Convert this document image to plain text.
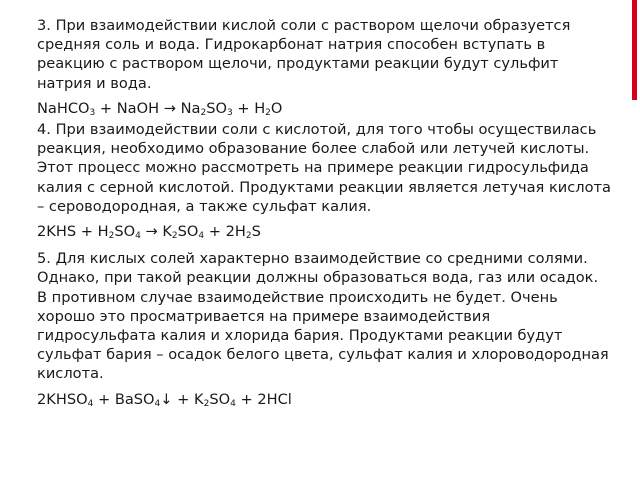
3. При взаимодействии кислой соли с раствором щелочи образуется средняя соль и вода. Гидрокарбонат натрия способен вступать в реакцию с раствором щелочи, продуктами реакции будут сульфит натрия и вода.

NaHCO$_3$ + NaOH → $Na_2SO_3 + H_2O$

4. При взаимодействии соли с кислотой, для того чтобы осуществилась реакция, необходимо образование более слабой или летучей кислоты. Этот процесс можно рассмотреть на примере реакции гидросульфида калия с серной кислотой. Продуктами реакции является летучая кислота – сероводородная, а также сульфат калия.

$2KHS + H_2SO_4 \to K_2SO_4 + 2H_2S$

5. Для кислых солей характерно взаимодействие со средними солями. Однако, при такой реакции должны образоваться вода, газ или осадок. В противном случае взаимодействие происходить не будет. Очень хорошо это просматривается на примере взаимодействия гидросульфата калия и хлорида бария. Продуктами реакции будут сульфат бария – осадок белого цвета, сульфат калия и хлороводородная кислота.

$2KHSO_4$ + BaSO$_4$↓ + $K_2SO_4 + 2HCl$
